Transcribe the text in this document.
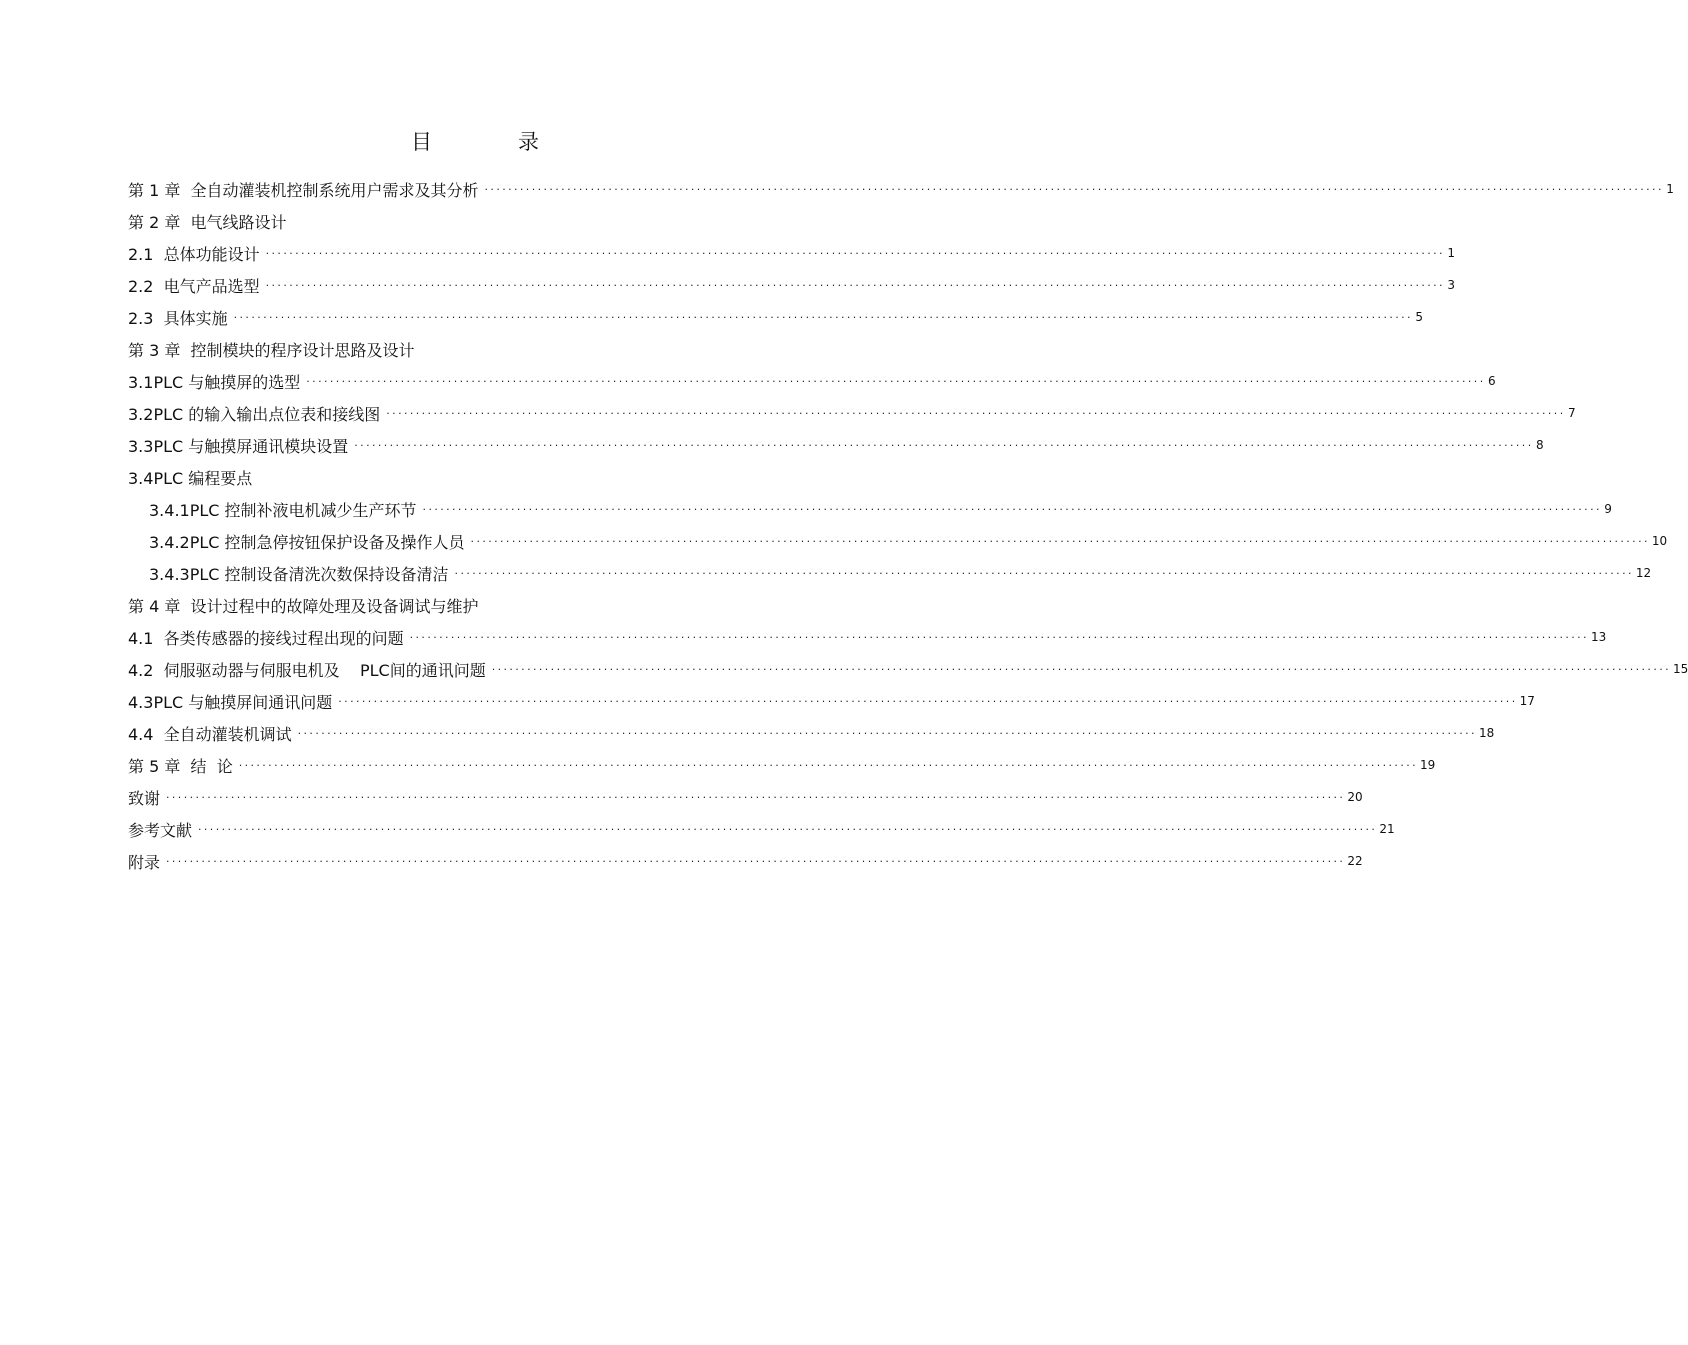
目	录
第 1 章  全自动灌装机控制系统用户需求及其分析 ········································································································································································································ 1
第 2 章  电气线路设计
2.1  总体功能设计 ········································································································································································································ 1
2.2  电气产品选型 ········································································································································································································ 3
2.3  具体实施 ········································································································································································································ 5
第 3 章  控制模块的程序设计思路及设计
3.1PLC 与触摸屏的选型 ········································································································································································································ 6
3.2PLC 的输入输出点位表和接线图 ········································································································································································································ 7
3.3PLC 与触摸屏通讯模块设置 ········································································································································································································ 8
3.4PLC 编程要点
3.4.1PLC 控制补液电机减少生产环节 ········································································································································································································ 9
3.4.2PLC 控制急停按钮保护设备及操作人员 ········································································································································································································ 10
3.4.3PLC 控制设备清洗次数保持设备清洁 ········································································································································································································ 12
第 4 章  设计过程中的故障处理及设备调试与维护
4.1  各类传感器的接线过程出现的问题 ········································································································································································································ 13
4.2  伺服驱动器与伺服电机及    PLC间的通讯问题 ········································································································································································································ 15
4.3PLC 与触摸屏间通讯问题 ········································································································································································································ 17
4.4  全自动灌装机调试 ········································································································································································································ 18
第 5 章  结  论 ········································································································································································································ 19
致谢 ········································································································································································································ 20
参考文献 ········································································································································································································ 21
附录 ········································································································································································································ 22
